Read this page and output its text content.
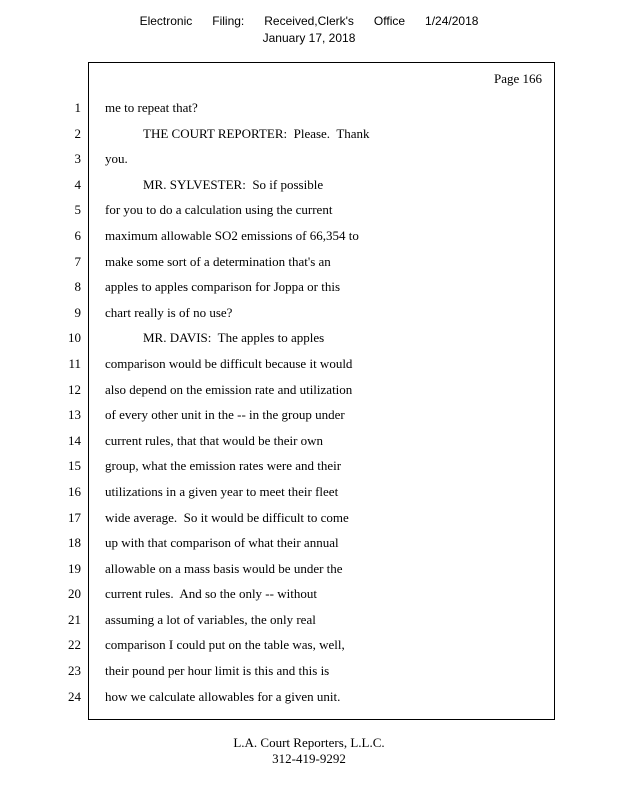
Electronic Filing: Received,Clerk's Office 1/24/2018
January 17, 2018
Page 166
1 me to repeat that?
2	THE COURT REPORTER:  Please.  Thank
3 you.
4	MR. SYLVESTER:  So if possible
5 for you to do a calculation using the current
6 maximum allowable SO2 emissions of 66,354 to
7 make some sort of a determination that's an
8 apples to apples comparison for Joppa or this
9 chart really is of no use?
10	MR. DAVIS:  The apples to apples
11 comparison would be difficult because it would
12 also depend on the emission rate and utilization
13 of every other unit in the -- in the group under
14 current rules, that that would be their own
15 group, what the emission rates were and their
16 utilizations in a given year to meet their fleet
17 wide average.  So it would be difficult to come
18 up with that comparison of what their annual
19 allowable on a mass basis would be under the
20 current rules.  And so the only -- without
21 assuming a lot of variables, the only real
22 comparison I could put on the table was, well,
23 their pound per hour limit is this and this is
24 how we calculate allowables for a given unit.
L.A. Court Reporters, L.L.C.
312-419-9292
